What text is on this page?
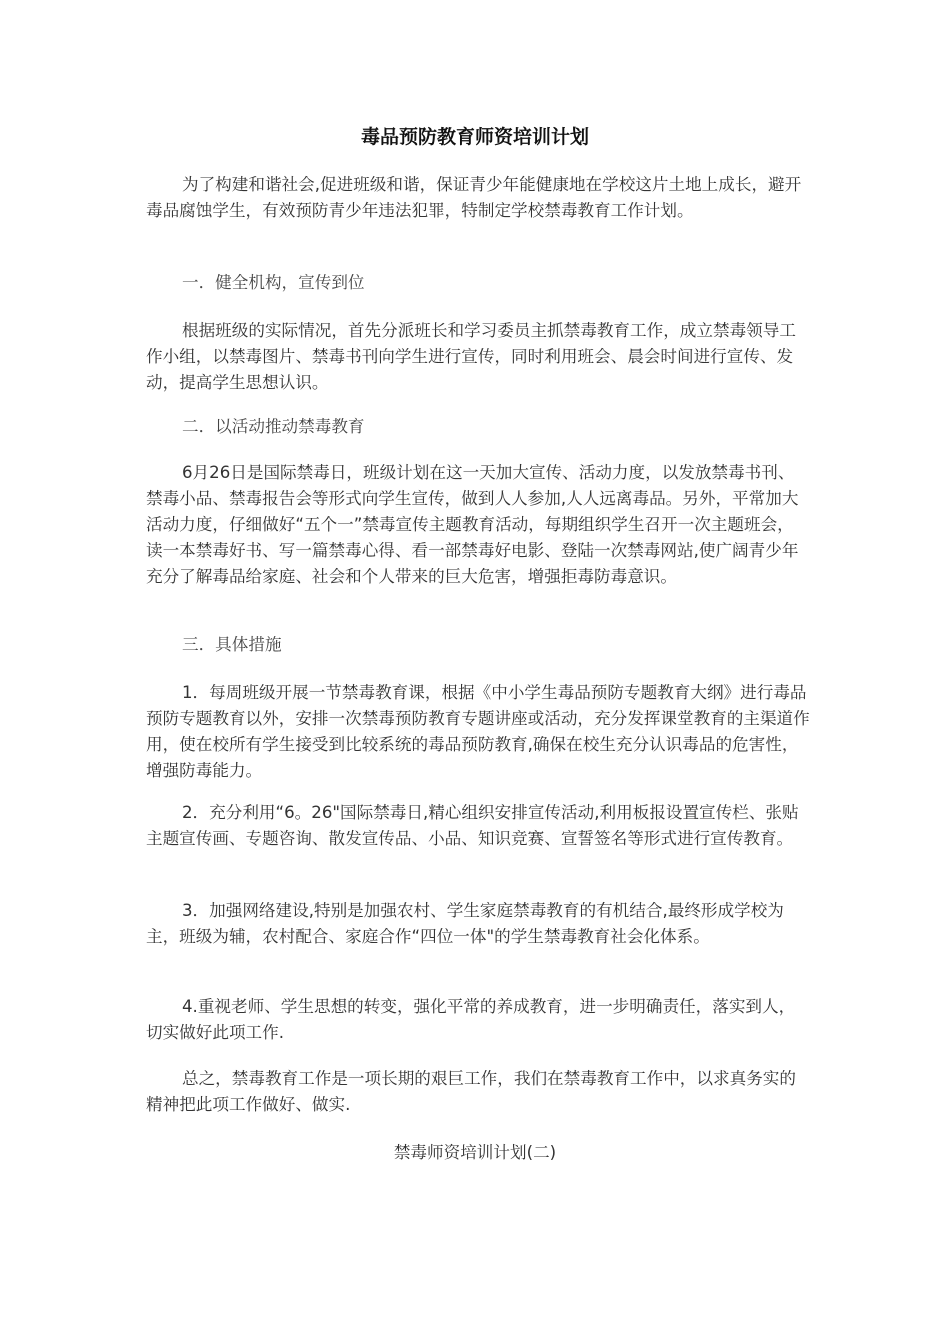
毒品预防教育师资培训计划
为了构建和谐社会,促进班级和谐，保证青少年能健康地在学校这片土地上成长，避开毒品腐蚀学生，有效预防青少年违法犯罪，特制定学校禁毒教育工作计划。
一．健全机构，宣传到位
根据班级的实际情况，首先分派班长和学习委员主抓禁毒教育工作，成立禁毒领导工作小组，以禁毒图片、禁毒书刊向学生进行宣传，同时利用班会、晨会时间进行宣传、发动，提高学生思想认识。
二．以活动推动禁毒教育
6月26日是国际禁毒日，班级计划在这一天加大宣传、活动力度，以发放禁毒书刊、禁毒小品、禁毒报告会等形式向学生宣传，做到人人参加,人人远离毒品。另外，平常加大活动力度，仔细做好“五个一”禁毒宣传主题教育活动，每期组织学生召开一次主题班会，读一本禁毒好书、写一篇禁毒心得、看一部禁毒好电影、登陆一次禁毒网站,使广阔青少年充分了解毒品给家庭、社会和个人带来的巨大危害，增强拒毒防毒意识。
三．具体措施
1．每周班级开展一节禁毒教育课，根据《中小学生毒品预防专题教育大纲》进行毒品预防专题教育以外，安排一次禁毒预防教育专题讲座或活动，充分发挥课堂教育的主渠道作用，使在校所有学生接受到比较系统的毒品预防教育,确保在校生充分认识毒品的危害性，增强防毒能力。
2．充分利用“6。26"国际禁毒日,精心组织安排宣传活动,利用板报设置宣传栏、张贴主题宣传画、专题咨询、散发宣传品、小品、知识竞赛、宣誓签名等形式进行宣传教育。
3．加强网络建设,特别是加强农村、学生家庭禁毒教育的有机结合,最终形成学校为主，班级为辅，农村配合、家庭合作“四位一体"的学生禁毒教育社会化体系。
4.重视老师、学生思想的转变，强化平常的养成教育，进一步明确责任，落实到人，切实做好此项工作.
总之，禁毒教育工作是一项长期的艰巨工作，我们在禁毒教育工作中，以求真务实的精神把此项工作做好、做实.
禁毒师资培训计划(二)
